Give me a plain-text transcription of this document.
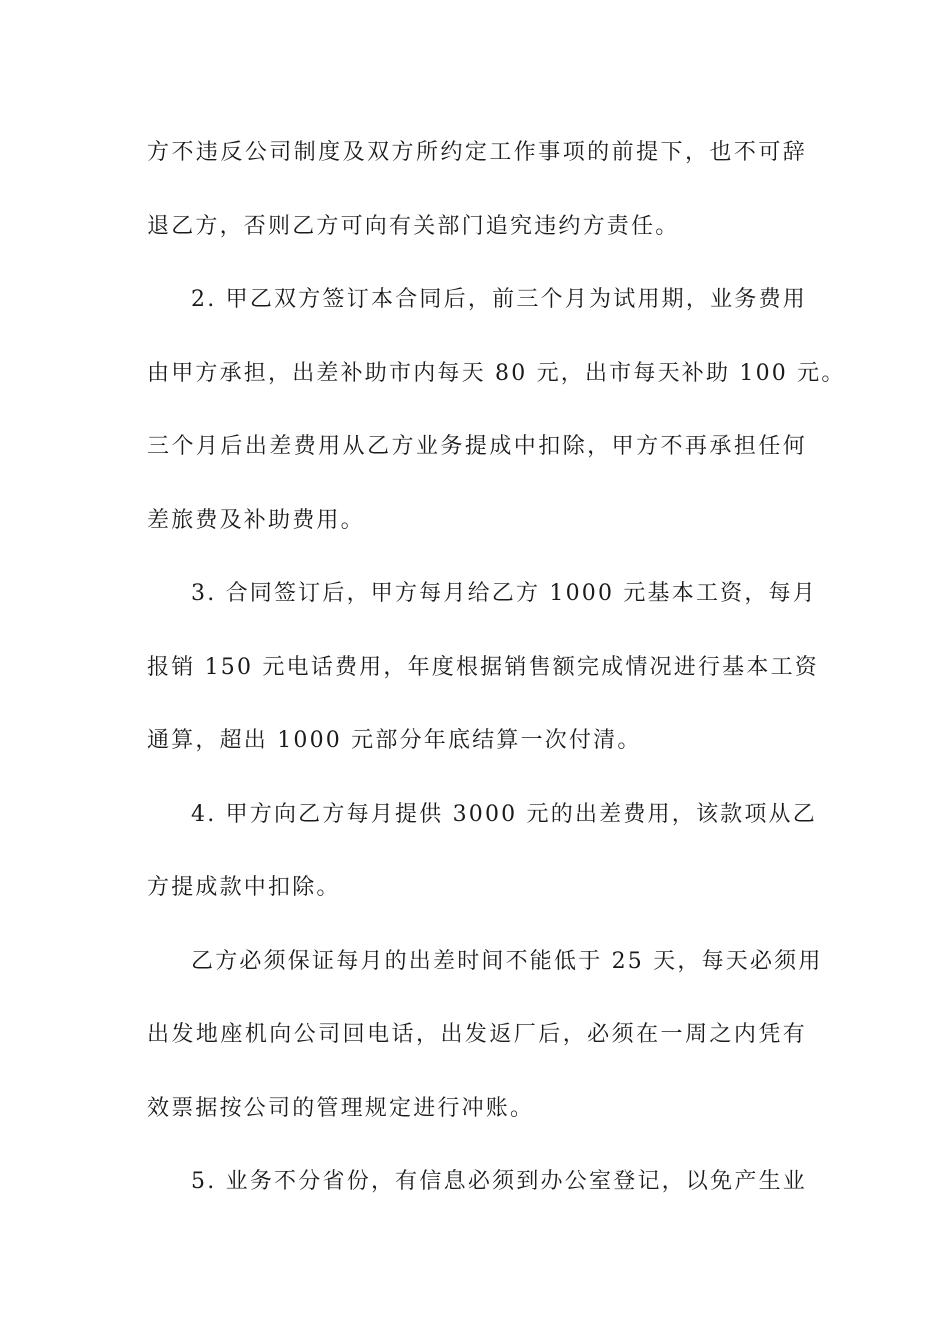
方不违反公司制度及双方所约定工作事项的前提下，也不可辞
退乙方，否则乙方可向有关部门追究违约方责任。
2. 甲乙双方签订本合同后，前三个月为试用期，业务费用
由甲方承担，出差补助市内每天 80 元，出市每天补助 100 元。
三个月后出差费用从乙方业务提成中扣除，甲方不再承担任何
差旅费及补助费用。
3. 合同签订后，甲方每月给乙方 1000 元基本工资，每月
报销 150 元电话费用，年度根据销售额完成情况进行基本工资
通算，超出 1000 元部分年底结算一次付清。
4. 甲方向乙方每月提供 3000 元的出差费用，该款项从乙
方提成款中扣除。
乙方必须保证每月的出差时间不能低于 25 天，每天必须用
出发地座机向公司回电话，出发返厂后，必须在一周之内凭有
效票据按公司的管理规定进行冲账。
5. 业务不分省份，有信息必须到办公室登记，以免产生业
